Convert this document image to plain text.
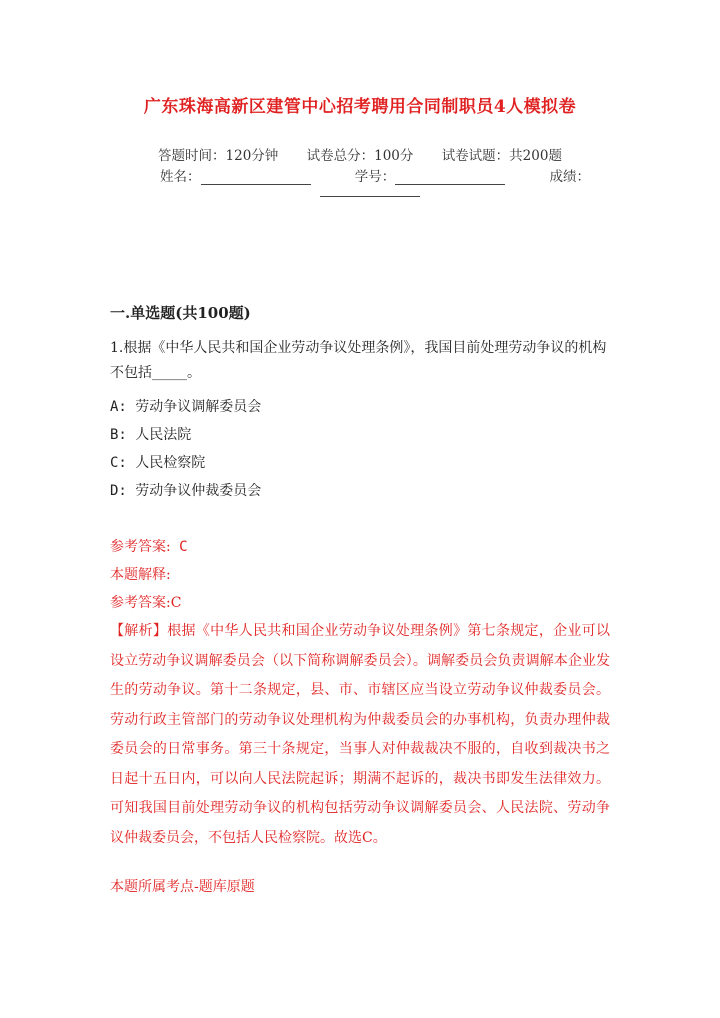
广东珠海高新区建管中心招考聘用合同制职员4人模拟卷
答题时间：120分钟 试卷总分：100分 试卷试题：共200题
姓名：	学号：	成绩：
一.单选题(共100题)
1.根据《中华人民共和国企业劳动争议处理条例》，我国目前处理劳动争议的机构不包括_____。
A: 劳动争议调解委员会
B: 人民法院
C: 人民检察院
D: 劳动争议仲裁委员会
参考答案: C
本题解释:
参考答案:C
【解析】根据《中华人民共和国企业劳动争议处理条例》第七条规定，企业可以设立劳动争议调解委员会（以下简称调解委员会）。调解委员会负责调解本企业发生的劳动争议。第十二条规定，县、市、市辖区应当设立劳动争议仲裁委员会。劳动行政主管部门的劳动争议处理机构为仲裁委员会的办事机构，负责办理仲裁委员会的日常事务。第三十条规定，当事人对仲裁裁决不服的，自收到裁决书之日起十五日内，可以向人民法院起诉；期满不起诉的，裁决书即发生法律效力。可知我国目前处理劳动争议的机构包括劳动争议调解委员会、人民法院、劳动争议仲裁委员会，不包括人民检察院。故选C。
本题所属考点-题库原题
